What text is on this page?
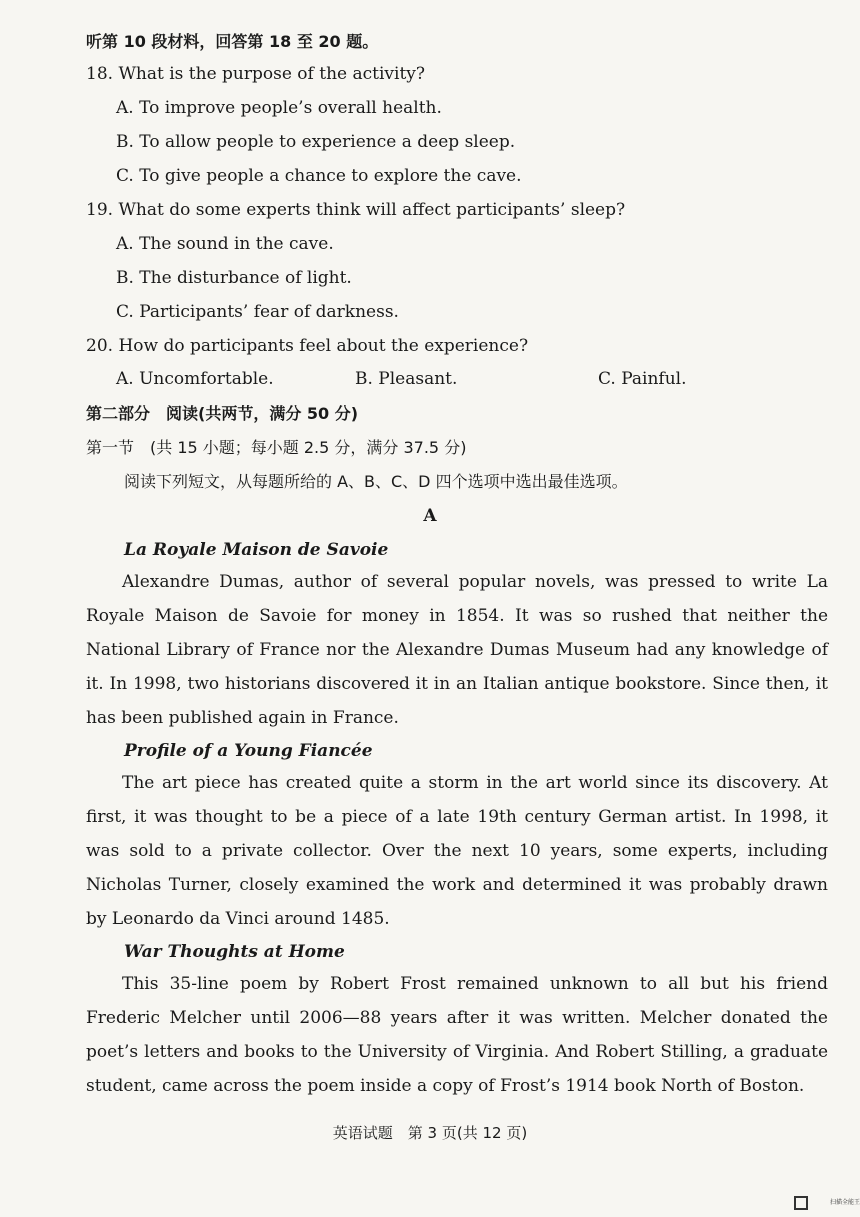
听第 10 段材料，回答第 18 至 20 题。
18. What is the purpose of the activity?
A. To improve people’s overall health.
B. To allow people to experience a deep sleep.
C. To give people a chance to explore the cave.
19. What do some experts think will affect participants’ sleep?
A. The sound in the cave.
B. The disturbance of light.
C. Participants’ fear of darkness.
20. How do participants feel about the experience?
A. Uncomfortable.	B. Pleasant.	C. Painful.
第二部分　阅读(共两节，满分 50 分)
第一节　(共 15 小题；每小题 2.5 分，满分 37.5 分)
阅读下列短文，从每题所给的 A、B、C、D 四个选项中选出最佳选项。
A
La Royale Maison de Savoie
Alexandre Dumas, author of several popular novels, was pressed to write La Royale Maison de Savoie for money in 1854. It was so rushed that neither the National Library of France nor the Alexandre Dumas Museum had any knowledge of it. In 1998, two historians discovered it in an Italian antique bookstore. Since then, it has been published again in France.
Profile of a Young Fiancée
The art piece has created quite a storm in the art world since its discovery. At first, it was thought to be a piece of a late 19th century German artist. In 1998, it was sold to a private collector. Over the next 10 years, some experts, including Nicholas Turner, closely examined the work and determined it was probably drawn by Leonardo da Vinci around 1485.
War Thoughts at Home
This 35-line poem by Robert Frost remained unknown to all but his friend Frederic Melcher until 2006—88 years after it was written. Melcher donated the poet’s letters and books to the University of Virginia. And Robert Stilling, a graduate student, came across the poem inside a copy of Frost’s 1914 book North of Boston.
英语试题　第 3 页(共 12 页)
扫描全能王
